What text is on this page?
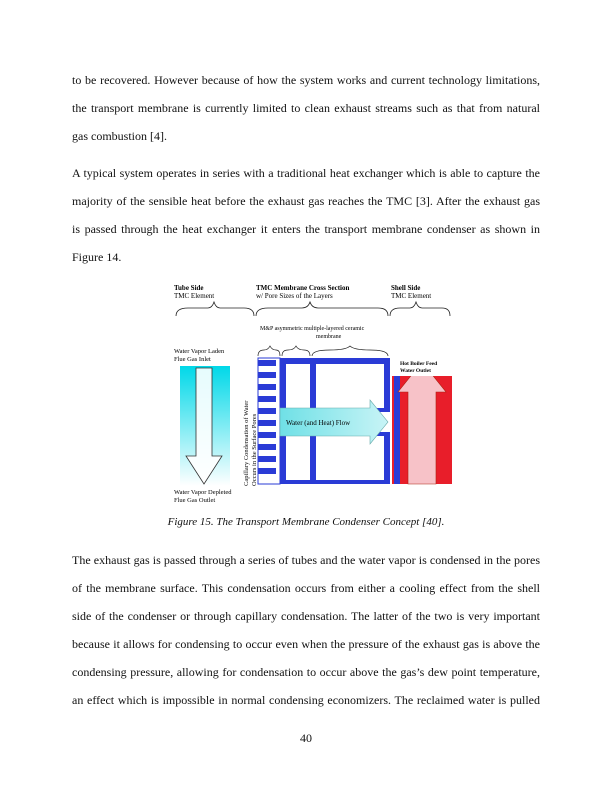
to be recovered. However because of how the system works and current technology limitations,
the transport membrane is currently limited to clean exhaust streams such as that from natural
gas combustion [4].
A typical system operates in series with a traditional heat exchanger which is able to capture the
majority of the sensible heat before the exhaust gas reaches the TMC [3]. After the exhaust gas
is passed through the heat exchanger it enters the transport membrane condenser as shown in
Figure 14.
Tube Side
TMC Element
TMC Membrane Cross Section
w/ Pore Sizes of the Layers
Shell Side
TMC Element
M&P asymmetric multiple-layered ceramic
membrane
Water Vapor Laden
Flue Gas Inlet
Water Vapor Depleted
Flue Gas Outlet
Capillary Condensation of Water Occurs in the Surface Pores	Water (and Heat) Flow
Hot Boiler Feed
Water Outlet
Figure 15. The Transport Membrane Condenser Concept [40].
The exhaust gas is passed through a series of tubes and the water vapor is condensed in the pores
of the membrane surface. This condensation occurs from either a cooling effect from the shell
side of the condenser or through capillary condensation. The latter of the two is very important
because it allows for condensing to occur even when the pressure of the exhaust gas is above the
condensing pressure, allowing for condensation to occur above the gas’s dew point temperature,
an effect which is impossible in normal condensing economizers. The reclaimed water is pulled
40
